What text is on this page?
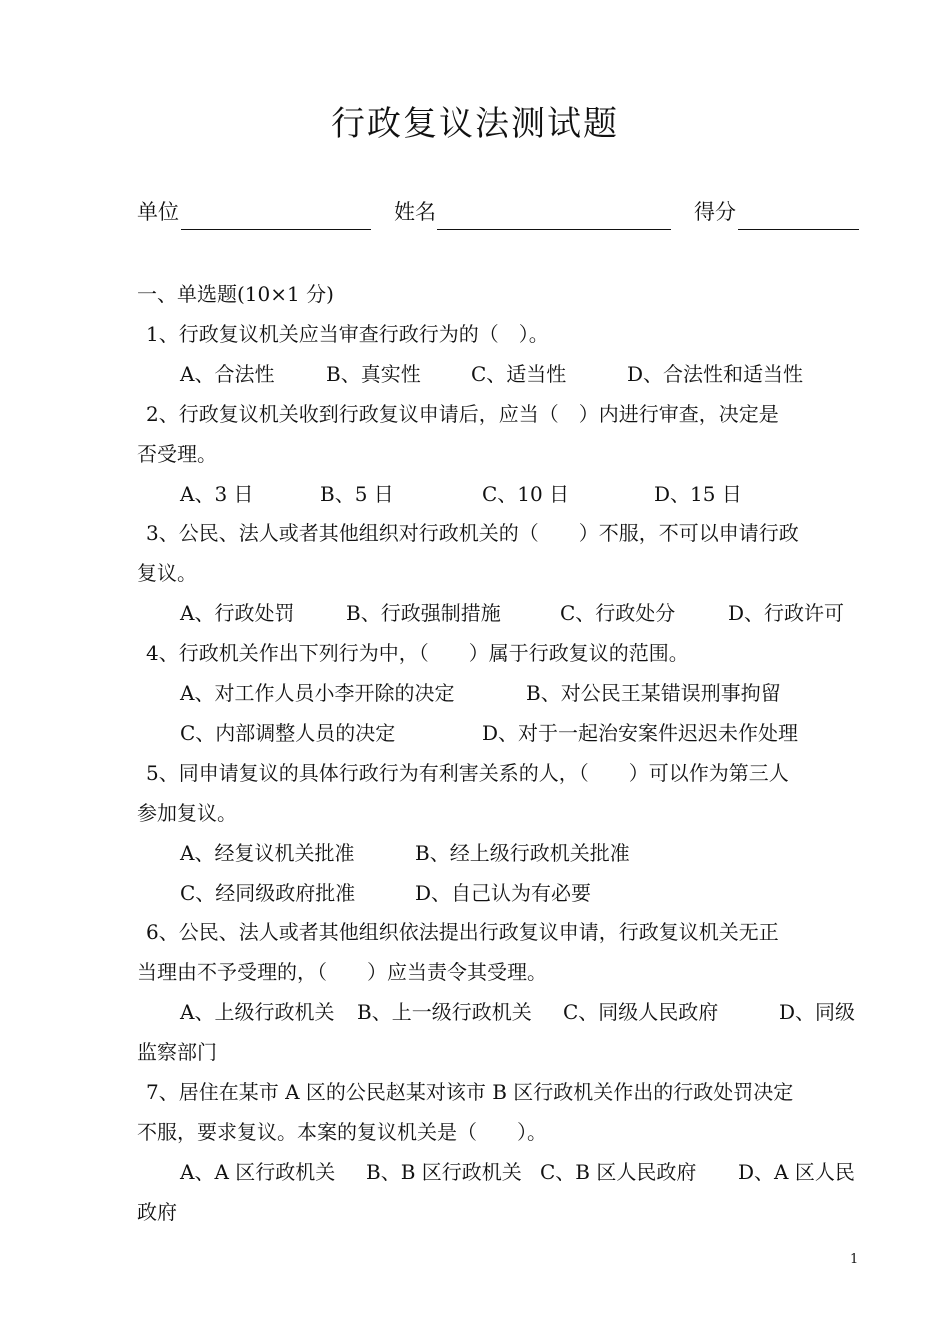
行政复议法测试题
单位	姓名	得分
一、单选题(10×1 分)
1、行政复议机关应当审查行政行为的（　）。
A、合法性	B、真实性	C、适当性	D、合法性和适当性
2、行政复议机关收到行政复议申请后，应当（　）内进行审查，决定是
否受理。
A、3 日	B、5 日	C、10 日	D、15 日
3、公民、法人或者其他组织对行政机关的（　　）不服，不可以申请行政
复议。
A、行政处罚	B、行政强制措施	C、行政处分	D、行政许可
4、行政机关作出下列行为中，（　　）属于行政复议的范围。
A、对工作人员小李开除的决定	B、对公民王某错误刑事拘留
C、内部调整人员的决定	D、对于一起治安案件迟迟未作处理
5、同申请复议的具体行政行为有利害关系的人，（　　）可以作为第三人
参加复议。
A、经复议机关批准	B、经上级行政机关批准
C、经同级政府批准	D、自己认为有必要
6、公民、法人或者其他组织依法提出行政复议申请，行政复议机关无正
当理由不予受理的，（　　）应当责令其受理。
A、上级行政机关 B、上一级行政机关 C、同级人民政府	D、同级
监察部门
7、居住在某市 A 区的公民赵某对该市 B 区行政机关作出的行政处罚决定
不服，要求复议。本案的复议机关是（　　）。
A、A 区行政机关 B、B 区行政机关 C、B 区人民政府 D、A 区人民
政府
1
